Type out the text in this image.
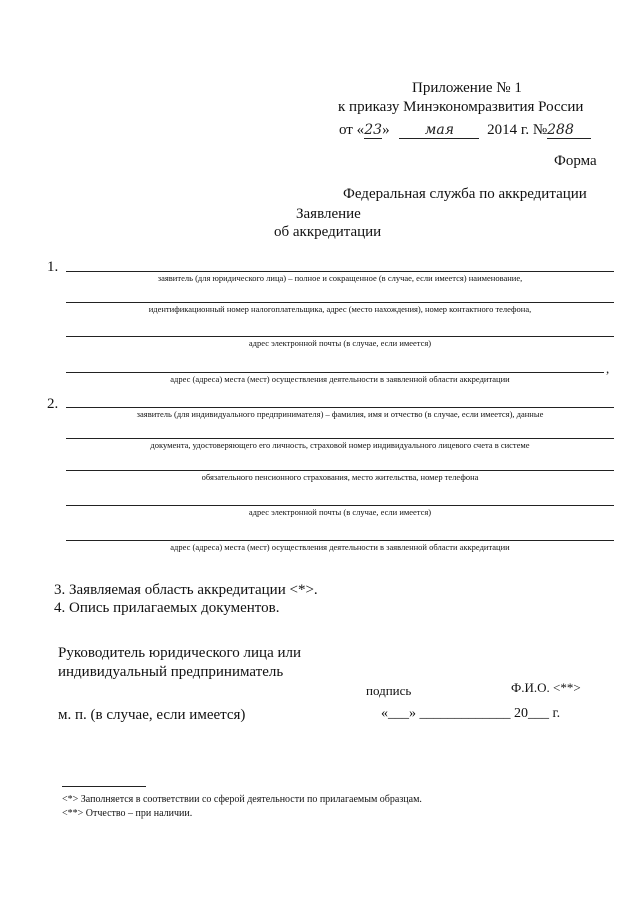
Приложение № 1
к приказу Минэкономразвития России
от «23»	мая 2014 г. №288
Форма
Федеральная служба по аккредитации
Заявление
об аккредитации
1.
заявитель (для юридического лица) – полное и сокращенное (в случае, если имеется) наименование,
идентификационный номер налогоплательщика, адрес (место нахождения), номер контактного телефона,
адрес электронной почты (в случае, если имеется)
,
адрес (адреса) места (мест) осуществления деятельности в заявленной области аккредитации
2.
заявитель (для индивидуального предпринимателя) – фамилия, имя и отчество (в случае, если имеется), данные
документа, удостоверяющего его личность, страховой номер индивидуального лицевого счета в системе
обязательного пенсионного страхования, место жительства, номер телефона
адрес электронной почты (в случае, если имеется)
адрес (адреса) места (мест) осуществления деятельности в заявленной области аккредитации
3. Заявляемая область аккредитации <*>.
4. Опись прилагаемых документов.
Руководитель юридического лица или
индивидуальный предприниматель
подпись	Ф.И.О. <**>
м. п. (в случае, если имеется)	«___» _____________ 20___ г.
<*> Заполняется в соответствии со сферой деятельности по прилагаемым образцам.
<**> Отчество – при наличии.
